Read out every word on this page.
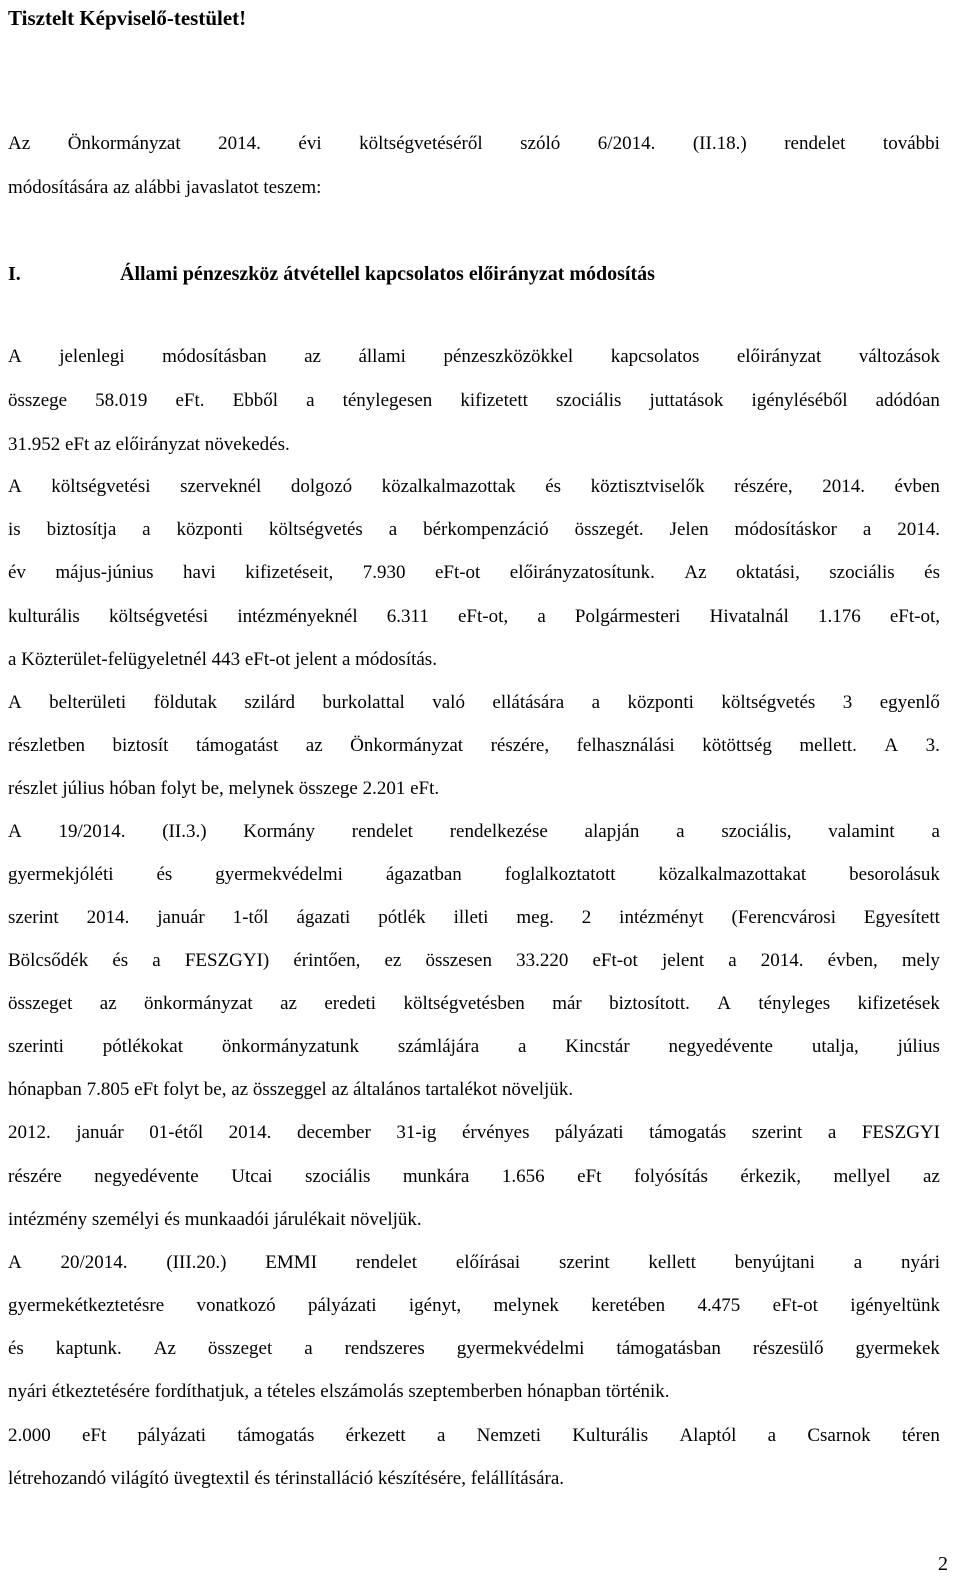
Tisztelt Képviselő-testület!
Az Önkormányzat 2014. évi költségvetéséről szóló 6/2014. (II.18.) rendelet további
módosítására az alábbi javaslatot teszem:
I.	Állami pénzeszköz átvétellel kapcsolatos előirányzat módosítás
A jelenlegi módosításban az állami pénzeszközökkel kapcsolatos előirányzat változások
összege 58.019 eFt. Ebből a ténylegesen kifizetett szociális juttatások igényléséből adódóan
31.952 eFt az előirányzat növekedés.
A költségvetési szerveknél dolgozó közalkalmazottak és köztisztviselők részére, 2014. évben
is biztosítja a központi költségvetés a bérkompenzáció összegét. Jelen módosításkor a 2014.
év május-június havi kifizetéseit, 7.930 eFt-ot előirányzatosítunk. Az oktatási, szociális és
kulturális költségvetési intézményeknél 6.311 eFt-ot, a Polgármesteri Hivatalnál 1.176 eFt-ot,
a Közterület-felügyeletnél 443 eFt-ot jelent a módosítás.
A belterületi földutak szilárd burkolattal való ellátására a központi költségvetés 3 egyenlő
részletben biztosít támogatást az Önkormányzat részére, felhasználási kötöttség mellett. A 3.
részlet július hóban folyt be, melynek összege 2.201 eFt.
A 19/2014. (II.3.) Kormány rendelet rendelkezése alapján a szociális, valamint a
gyermekjóléti és gyermekvédelmi ágazatban foglalkoztatott közalkalmazottakat besorolásuk
szerint 2014. január 1-től ágazati pótlék illeti meg. 2 intézményt (Ferencvárosi Egyesített
Bölcsődék és a FESZGYI) érintően, ez összesen 33.220 eFt-ot jelent a 2014. évben, mely
összeget az önkormányzat az eredeti költségvetésben már biztosított. A tényleges kifizetések
szerinti pótlékokat önkormányzatunk számlájára a Kincstár negyedévente utalja, július
hónapban 7.805 eFt folyt be, az összeggel az általános tartalékot növeljük.
2012. január 01-étől 2014. december 31-ig érvényes pályázati támogatás szerint a FESZGYI
részére negyedévente Utcai szociális munkára 1.656 eFt folyósítás érkezik, mellyel az
intézmény személyi és munkaadói járulékait növeljük.
A 20/2014. (III.20.) EMMI rendelet előírásai szerint kellett benyújtani a nyári
gyermekétkeztetésre vonatkozó pályázati igényt, melynek keretében 4.475 eFt-ot igényeltünk
és kaptunk. Az összeget a rendszeres gyermekvédelmi támogatásban részesülő gyermekek
nyári étkeztetésére fordíthatjuk, a tételes elszámolás szeptemberben hónapban történik.
2.000 eFt pályázati támogatás érkezett a Nemzeti Kulturális Alaptól a Csarnok téren
létrehozandó világító üvegtextil és térinstalláció készítésére, felállítására.
2
